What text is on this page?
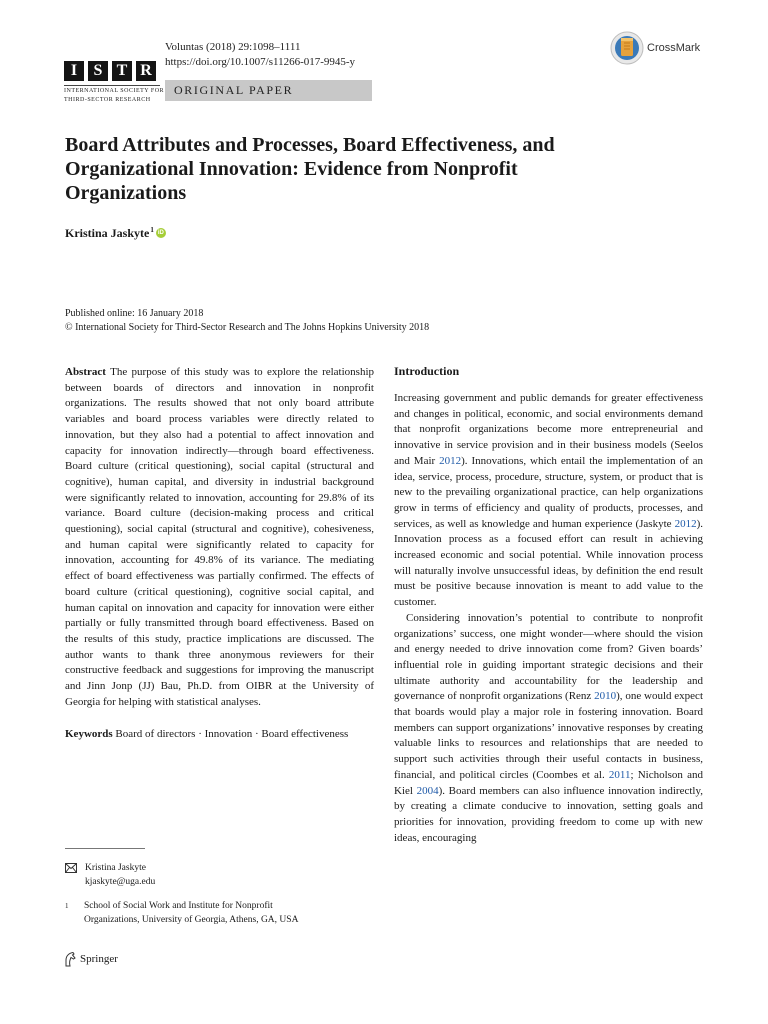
I	S T R
INTERNATIONAL SOCIETY FOR
THIRD-SECTOR RESEARCH
Voluntas (2018) 29:1098–1111
https://doi.org/10.1007/s11266-017-9945-y
ORIGINAL PAPER
CrossMark
Board Attributes and Processes, Board Effectiveness, and Organizational Innovation: Evidence from Nonprofit Organizations
Kristina Jaskyte$^1$ iD
Published online: 16 January 2018
© International Society for Third-Sector Research and The Johns Hopkins University 2018

Abstract The purpose of this study was to explore the relationship between boards of directors and innovation in nonprofit organizations. The results showed that not only board attribute variables and board process variables were directly related to innovation, but they also had a potential to affect innovation and capacity for innovation indirectly—through board effectiveness. Board culture (critical questioning), social capital (structural and cognitive), human capital, and diversity in industrial background were significantly related to innovation, accounting for 29.8% of its variance. Board culture (decision-making process and critical questioning), social capital (structural and cognitive), cohesiveness, and human capital were significantly related to capacity for innovation, accounting for 49.8% of its variance. The mediating effect of board effectiveness was partially confirmed. The effects of board culture (critical questioning), cognitive social capital, and human capital on innovation and capacity for innovation were either partially or fully transmitted through board effectiveness. Based on the results of this study, practice implications are discussed. The author wants to thank three anonymous reviewers for their constructive feedback and suggestions for improving the manuscript and Jinn Jonp (JJ) Bau, Ph.D. from OIBR at the University of Georgia for helping with statistical analyses.

Keywords Board of directors · Innovation · Board effectiveness

Kristina Jaskyte
kjaskyte@uga.edu
1	School of Social Work and Institute for Nonprofit
Organizations, University of Georgia, Athens, GA, USA
Springer
Introduction

Increasing government and public demands for greater effectiveness and changes in political, economic, and social environments demand that nonprofit organizations become more entrepreneurial and innovative in service provision and in their business models (Seelos and Mair 2012). Innovations, which entail the implementation of an idea, service, process, procedure, structure, system, or product that is new to the prevailing organizational practice, can help organizations grow in terms of efficiency and quality of products, processes, and services, as well as knowledge and human experience (Jaskyte 2012). Innovation process as a focused effort can result in achieving increased economic and social potential. While innovation process will naturally involve unsuccessful ideas, by definition the end result must be positive because innovation is meant to add value to the customer.

Considering innovation’s potential to contribute to nonprofit organizations’ success, one might wonder—where should the vision and energy needed to drive innovation come from? Given boards’ influential role in guiding important strategic decisions and their ultimate authority and accountability for the leadership and governance of nonprofit organizations (Renz 2010), one would expect that boards would play a major role in fostering innovation. Board members can support organizations’ innovative responses by creating valuable links to resources and relationships that are needed to support such activities through their useful contacts in business, financial, and political circles (Coombes et al. 2011; Nicholson and Kiel 2004). Board members can also influence innovation indirectly, by creating a climate conducive to innovation, setting goals and priorities for innovation, providing freedom to come up with new ideas, encouraging
